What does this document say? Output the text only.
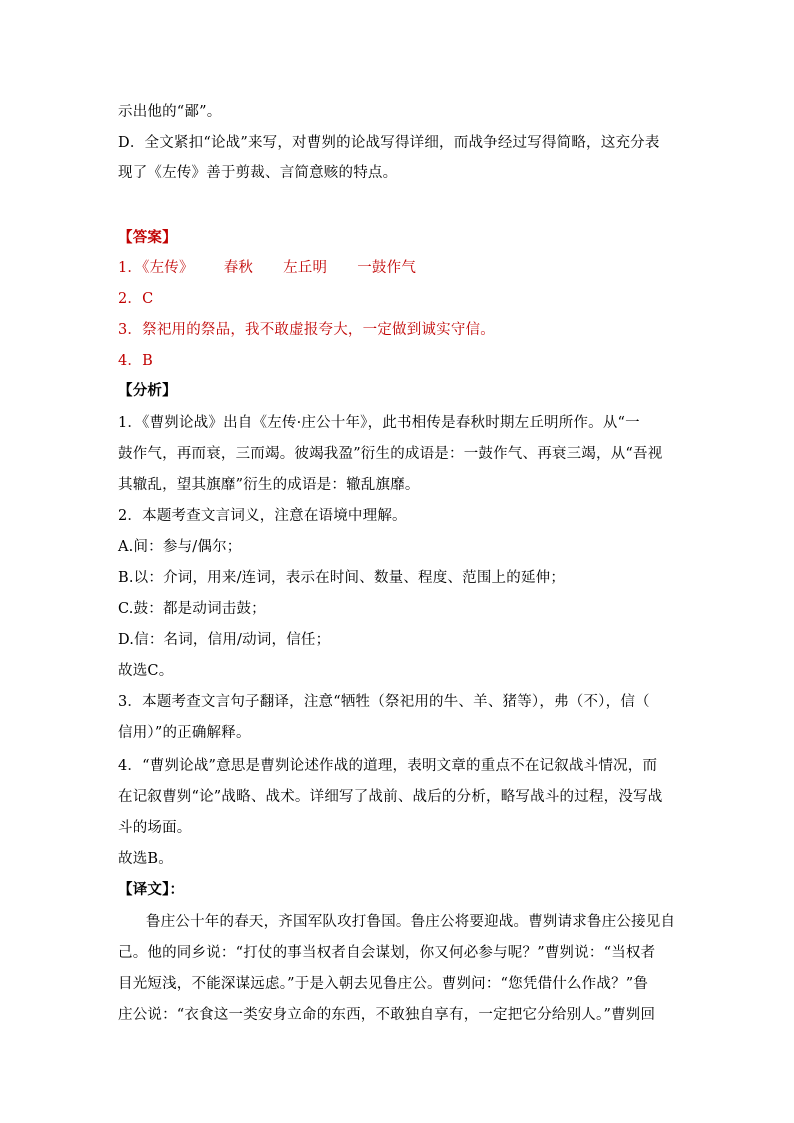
示出他的“鄙”。
D．全文紧扣“论战”来写，对曹刿的论战写得详细，而战争经过写得简略，这充分表
现了《左传》善于剪裁、言简意赅的特点。
【答案】
1．《左传》 春秋 左丘明 一鼓作气
2．C
3．祭祀用的祭品，我不敢虚报夸大，一定做到诚实守信。
4．B
【分析】
1．《曹刿论战》出自《左传·庄公十年》，此书相传是春秋时期左丘明所作。从“一
鼓作气，再而衰，三而竭。彼竭我盈”衍生的成语是：一鼓作气、再衰三竭，从“吾视
其辙乱，望其旗靡”衍生的成语是：辙乱旗靡。
2．本题考查文言词义，注意在语境中理解。
A.间：参与/偶尔；
B.以：介词，用来/连词，表示在时间、数量、程度、范围上的延伸；
C.鼓：都是动词击鼓；
D.信：名词，信用/动词，信任；
故选C。
3．本题考查文言句子翻译，注意“牺牲（祭祀用的牛、羊、猪等），弗（不），信（
信用）”的正确解释。
4．“曹刿论战”意思是曹刿论述作战的道理，表明文章的重点不在记叙战斗情况，而
在记叙曹刿“论”战略、战术。详细写了战前、战后的分析，略写战斗的过程，没写战
斗的场面。
故选B。
【译文】：
鲁庄公十年的春天，齐国军队攻打鲁国。鲁庄公将要迎战。曹刿请求鲁庄公接见自
己。他的同乡说：“打仗的事当权者自会谋划，你又何必参与呢？”曹刿说：“当权者
目光短浅，不能深谋远虑。”于是入朝去见鲁庄公。曹刿问：“您凭借什么作战？”鲁
庄公说：“衣食这一类安身立命的东西，不敢独自享有，一定把它分给别人。”曹刿回
